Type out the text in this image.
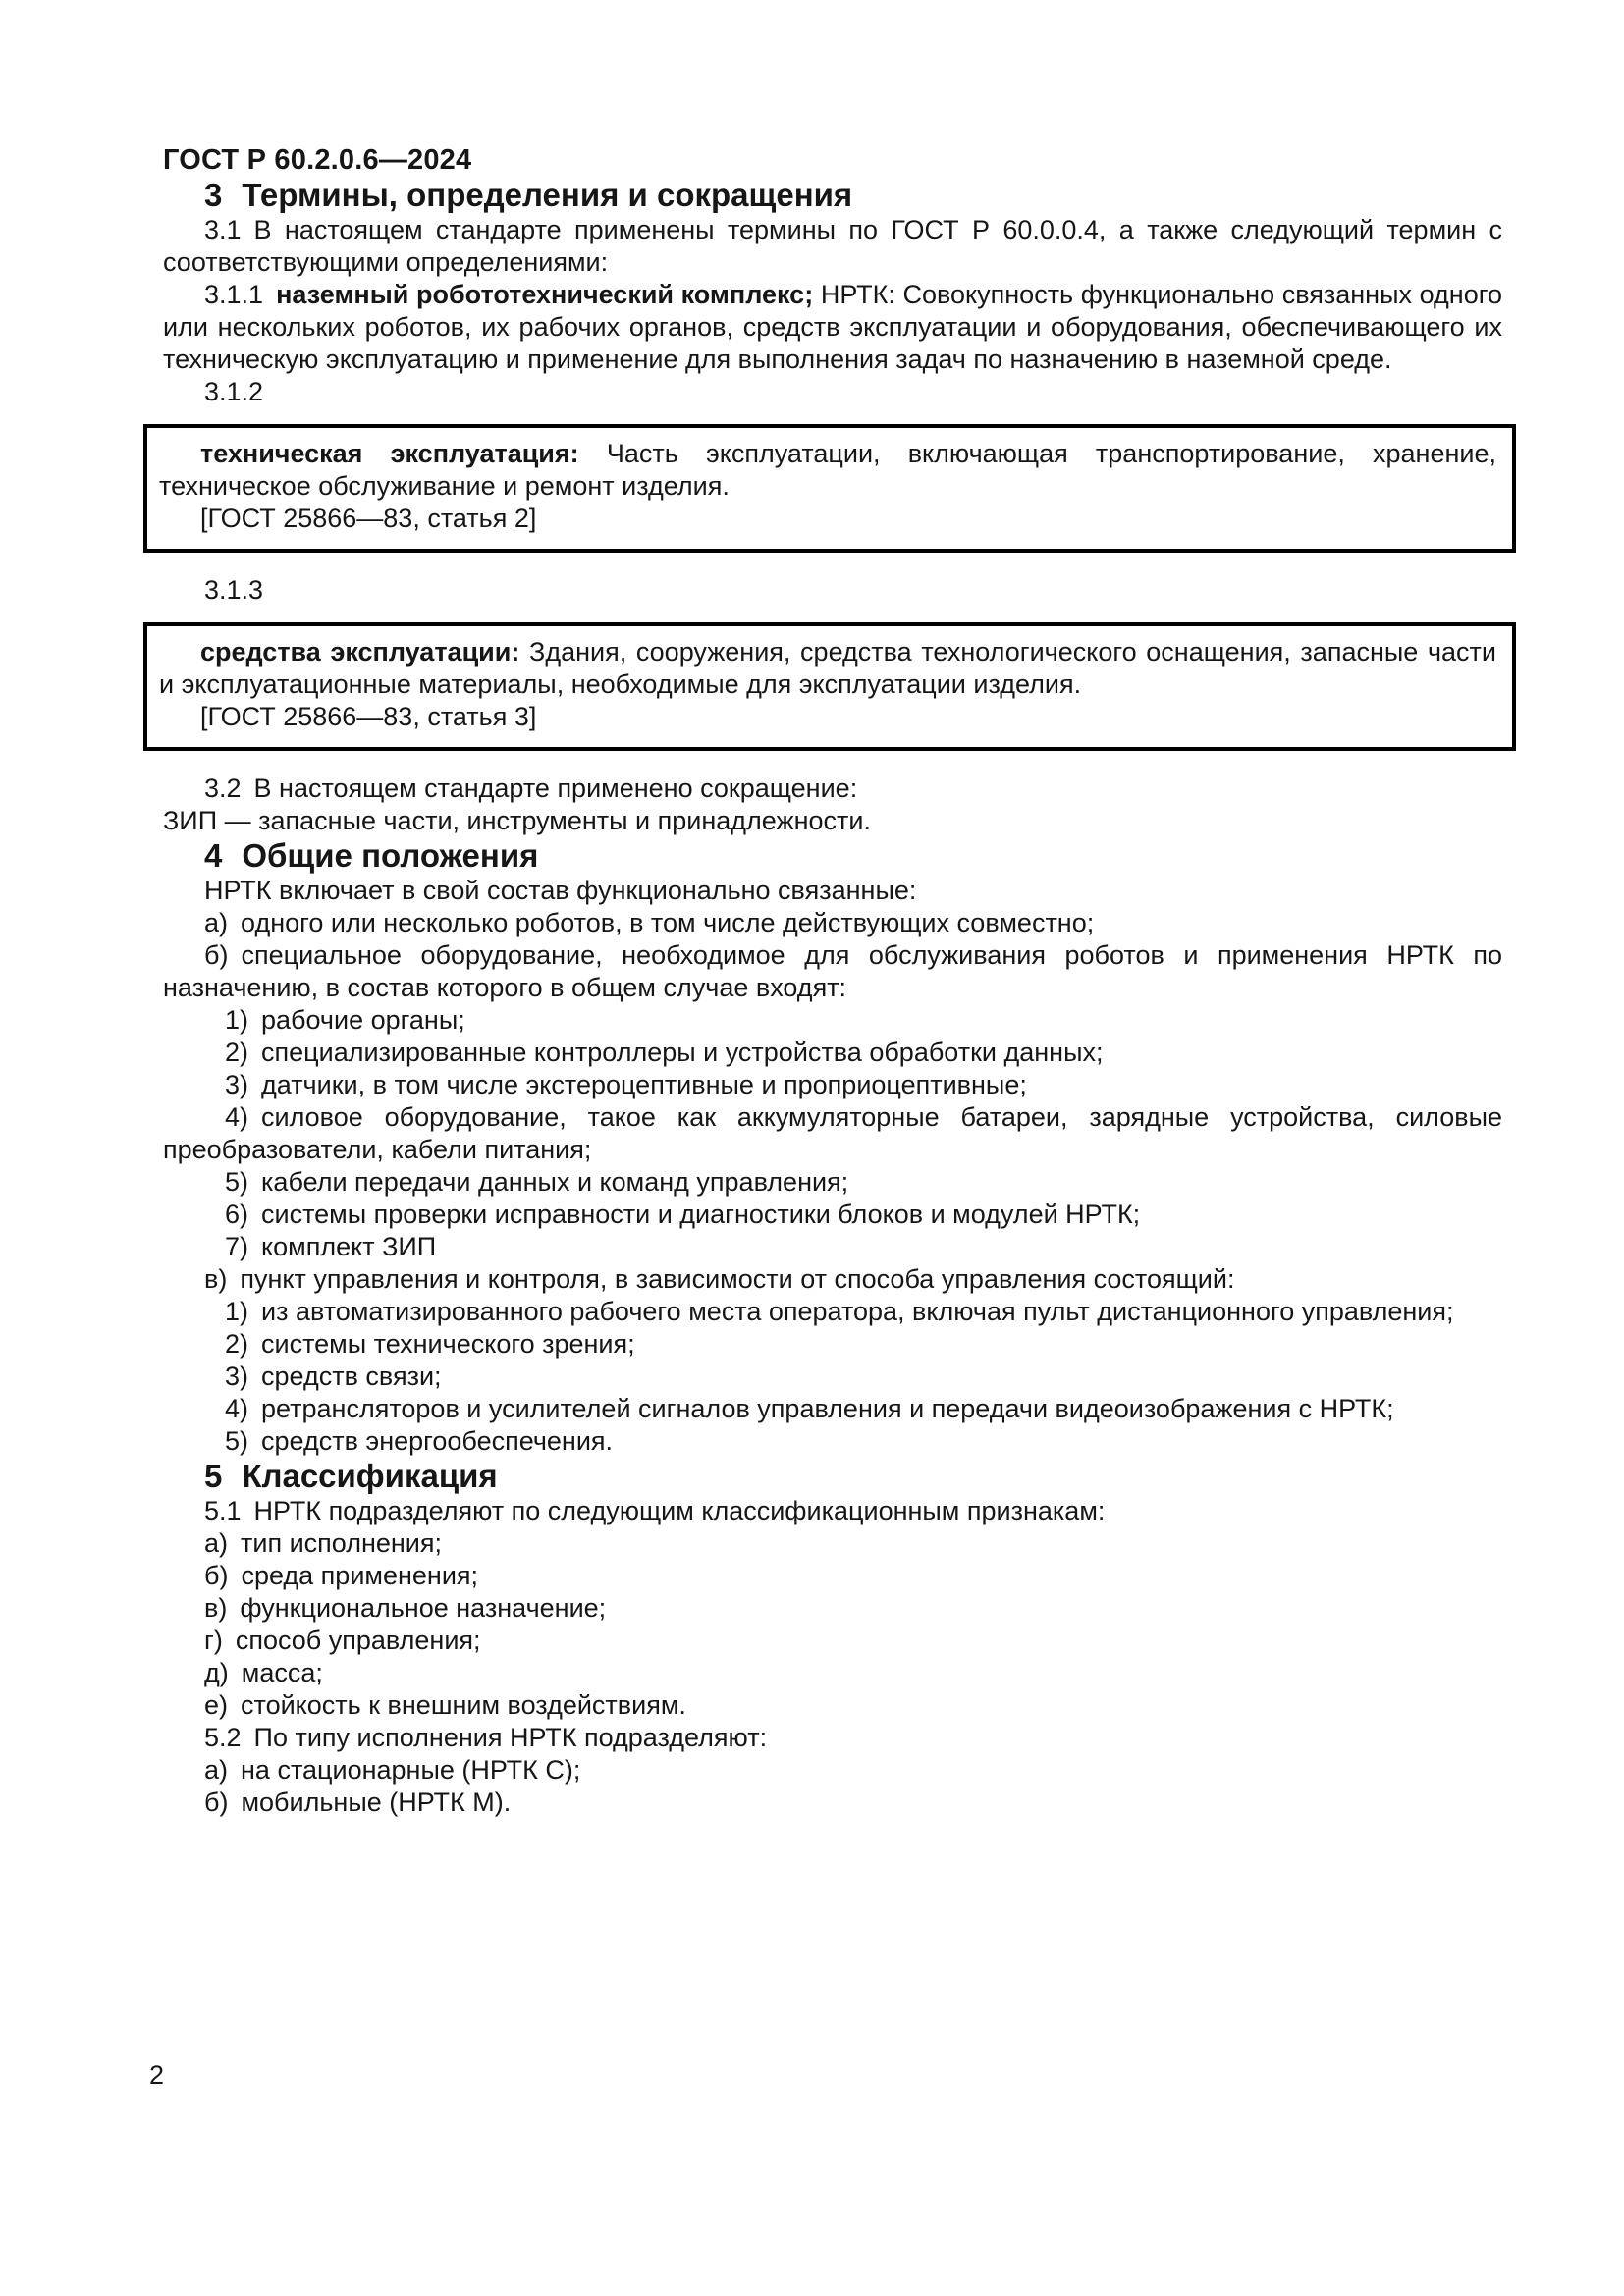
ГОСТ Р 60.2.0.6—2024

3 Термины, определения и сокращения

3.1 В настоящем стандарте применены термины по ГОСТ Р 60.0.0.4, а также следующий термин с соответствующими определениями:

3.1.1 наземный робототехнический комплекс; НРТК: Совокупность функционально связанных одного или нескольких роботов, их рабочих органов, средств эксплуатации и оборудования, обеспечивающего их техническую эксплуатацию и применение для выполнения задач по назначению в наземной среде.

3.1.2

техническая эксплуатация: Часть эксплуатации, включающая транспортирование, хранение, техническое обслуживание и ремонт изделия.

[ГОСТ 25866—83, статья 2]

3.1.3

средства эксплуатации: Здания, сооружения, средства технологического оснащения, запасные части и эксплуатационные материалы, необходимые для эксплуатации изделия.

[ГОСТ 25866—83, статья 3]

3.2 В настоящем стандарте применено сокращение:

ЗИП — запасные части, инструменты и принадлежности.

4 Общие положения

НРТК включает в свой состав функционально связанные:

а) одного или несколько роботов, в том числе действующих совместно;

б) специальное оборудование, необходимое для обслуживания роботов и применения НРТК по назначению, в состав которого в общем случае входят:

1) рабочие органы;

2) специализированные контроллеры и устройства обработки данных;

3) датчики, в том числе экстероцептивные и проприоцептивные;

4) силовое оборудование, такое как аккумуляторные батареи, зарядные устройства, силовые преобразователи, кабели питания;

5) кабели передачи данных и команд управления;

6) системы проверки исправности и диагностики блоков и модулей НРТК;

7) комплект ЗИП

в) пункт управления и контроля, в зависимости от способа управления состоящий:

1) из автоматизированного рабочего места оператора, включая пульт дистанционного управления;

2) системы технического зрения;

3) средств связи;

4) ретрансляторов и усилителей сигналов управления и передачи видеоизображения с НРТК;

5) средств энергообеспечения.

5 Классификация

5.1 НРТК подразделяют по следующим классификационным признакам:

а) тип исполнения;

б) среда применения;

в) функциональное назначение;

г) способ управления;

д) масса;

е) стойкость к внешним воздействиям.

5.2 По типу исполнения НРТК подразделяют:

а) на стационарные (НРТК С);

б) мобильные (НРТК М).

2
